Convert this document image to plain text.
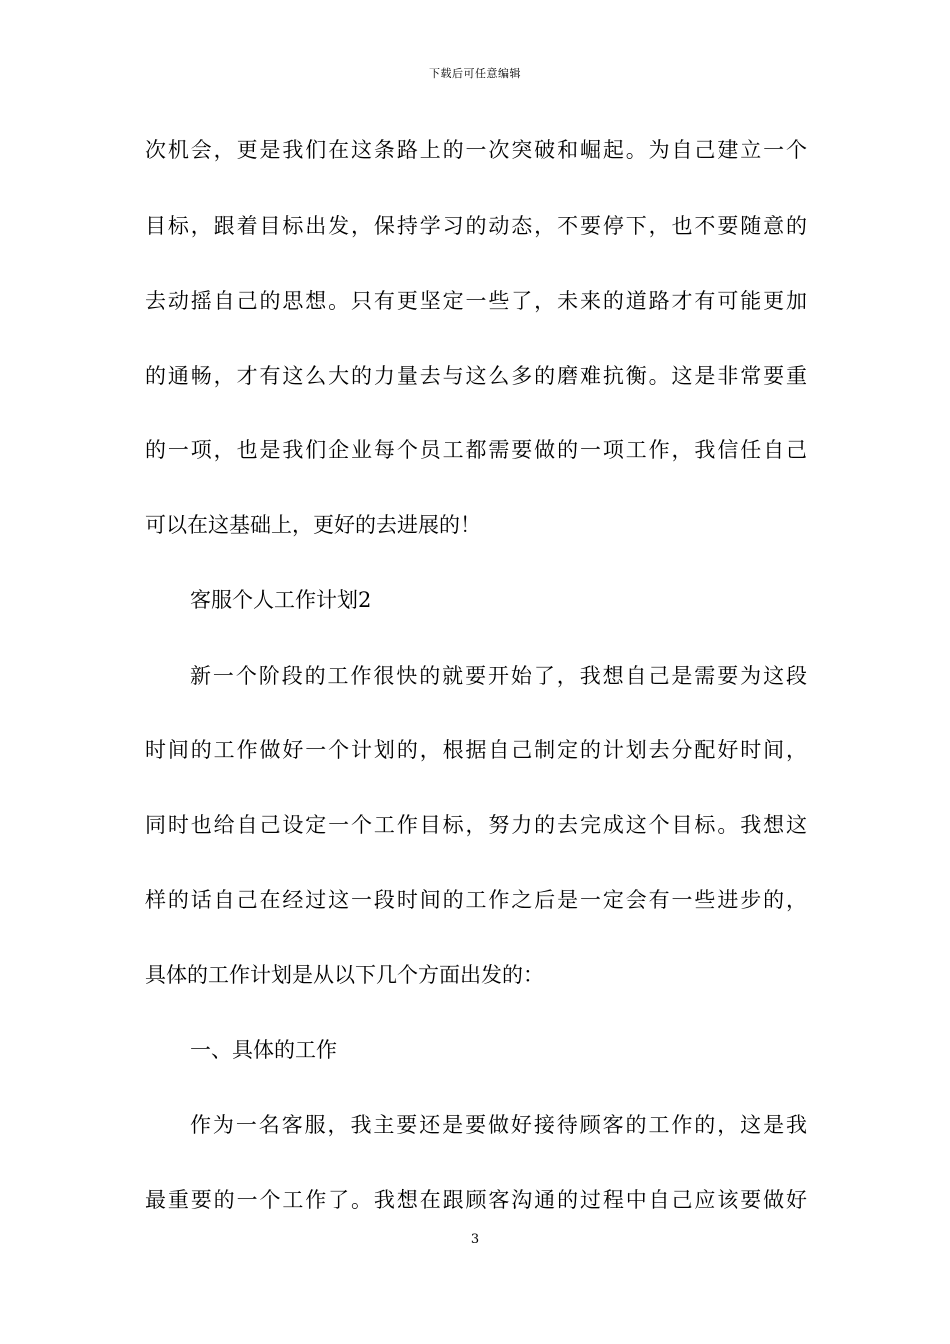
下载后可任意编辑
次机会，更是我们在这条路上的一次突破和崛起。为自己建立一个
目标，跟着目标出发，保持学习的动态，不要停下，也不要随意的
去动摇自己的思想。只有更坚定一些了，未来的道路才有可能更加
的通畅，才有这么大的力量去与这么多的磨难抗衡。这是非常要重
的一项，也是我们企业每个员工都需要做的一项工作，我信任自己
可以在这基础上，更好的去进展的！
客服个人工作计划2
新一个阶段的工作很快的就要开始了，我想自己是需要为这段
时间的工作做好一个计划的，根据自己制定的计划去分配好时间，
同时也给自己设定一个工作目标，努力的去完成这个目标。我想这
样的话自己在经过这一段时间的工作之后是一定会有一些进步的，
具体的工作计划是从以下几个方面出发的：
一、具体的工作
作为一名客服，我主要还是要做好接待顾客的工作的，这是我
最重要的一个工作了。我想在跟顾客沟通的过程中自己应该要做好
3
